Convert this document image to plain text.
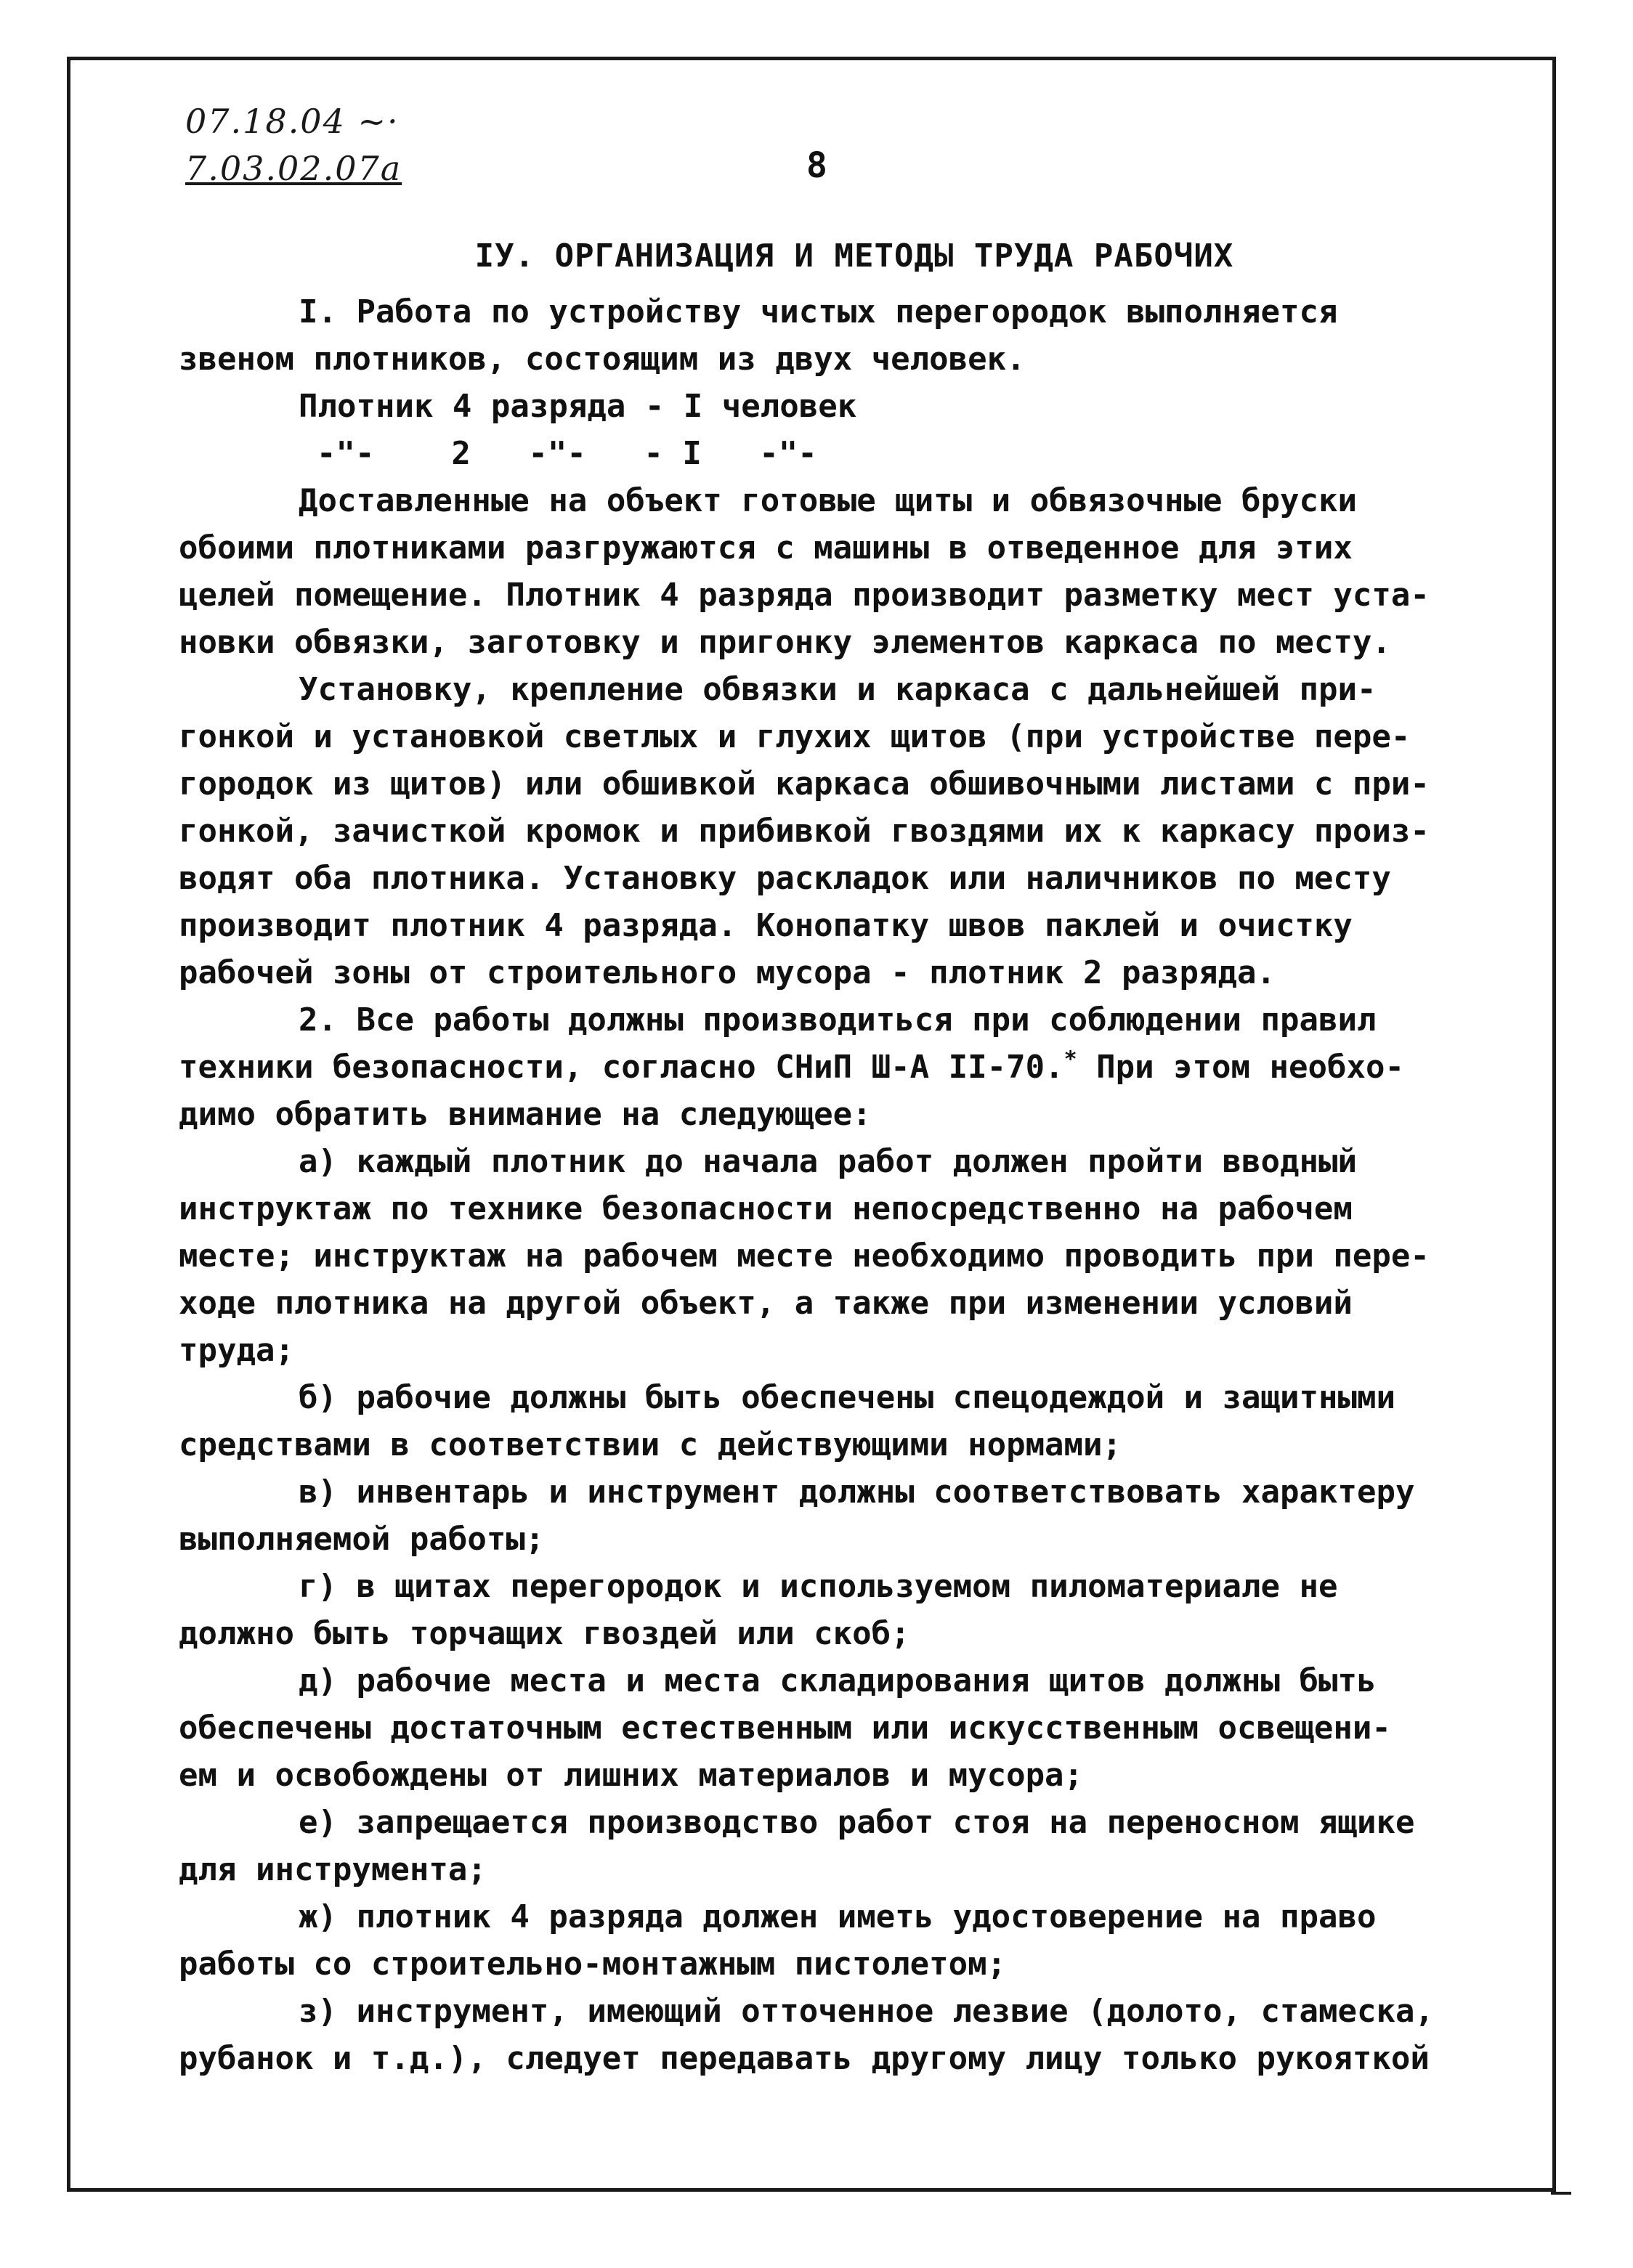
07.18.04 ~·
7.03.02.07a	8

IУ. ОРГАНИЗАЦИЯ И МЕТОДЫ ТРУДА РАБОЧИХ

I. Работа по устройству чистых перегородок выполняется

звеном плотников, состоящим из двух человек.

Плотник 4 разряда - I человек

-"-    2   -"-   - I   -"-

Доставленные на объект готовые щиты и обвязочные бруски

обоими плотниками разгружаются с машины в отведенное для этих

целей помещение. Плотник 4 разряда производит разметку мест уста-

новки обвязки, заготовку и пригонку элементов каркаса по месту.

Установку, крепление обвязки и каркаса с дальнейшей при-

гонкой и установкой светлых и глухих щитов (при устройстве пере-

городок из щитов) или обшивкой каркаса обшивочными листами с при-

гонкой, зачисткой кромок и прибивкой гвоздями их к каркасу произ-

водят оба плотника. Установку раскладок или наличников по месту

производит плотник 4 разряда. Конопатку швов паклей и очистку

рабочей зоны от строительного мусора - плотник 2 разряда.

2. Все работы должны производиться при соблюдении правил

техники безопасности, согласно СНиП Ш-А II-70.* При этом необхо-

димо обратить внимание на следующее:

а) каждый плотник до начала работ должен пройти вводный

инструктаж по технике безопасности непосредственно на рабочем

месте; инструктаж на рабочем месте необходимо проводить при пере-

ходе плотника на другой объект, а также при изменении условий

труда;

б) рабочие должны быть обеспечены спецодеждой и защитными

средствами в соответствии с действующими нормами;

в) инвентарь и инструмент должны соответствовать характеру

выполняемой работы;

г) в щитах перегородок и используемом пиломатериале не

должно быть торчащих гвоздей или скоб;

д) рабочие места и места складирования щитов должны быть

обеспечены достаточным естественным или искусственным освещени-

ем и освобождены от лишних материалов и мусора;

е) запрещается производство работ стоя на переносном ящике

для инструмента;

ж) плотник 4 разряда должен иметь удостоверение на право

работы со строительно-монтажным пистолетом;

з) инструмент, имеющий отточенное лезвие (долото, стамеска,

рубанок и т.д.), следует передавать другому лицу только рукояткой
